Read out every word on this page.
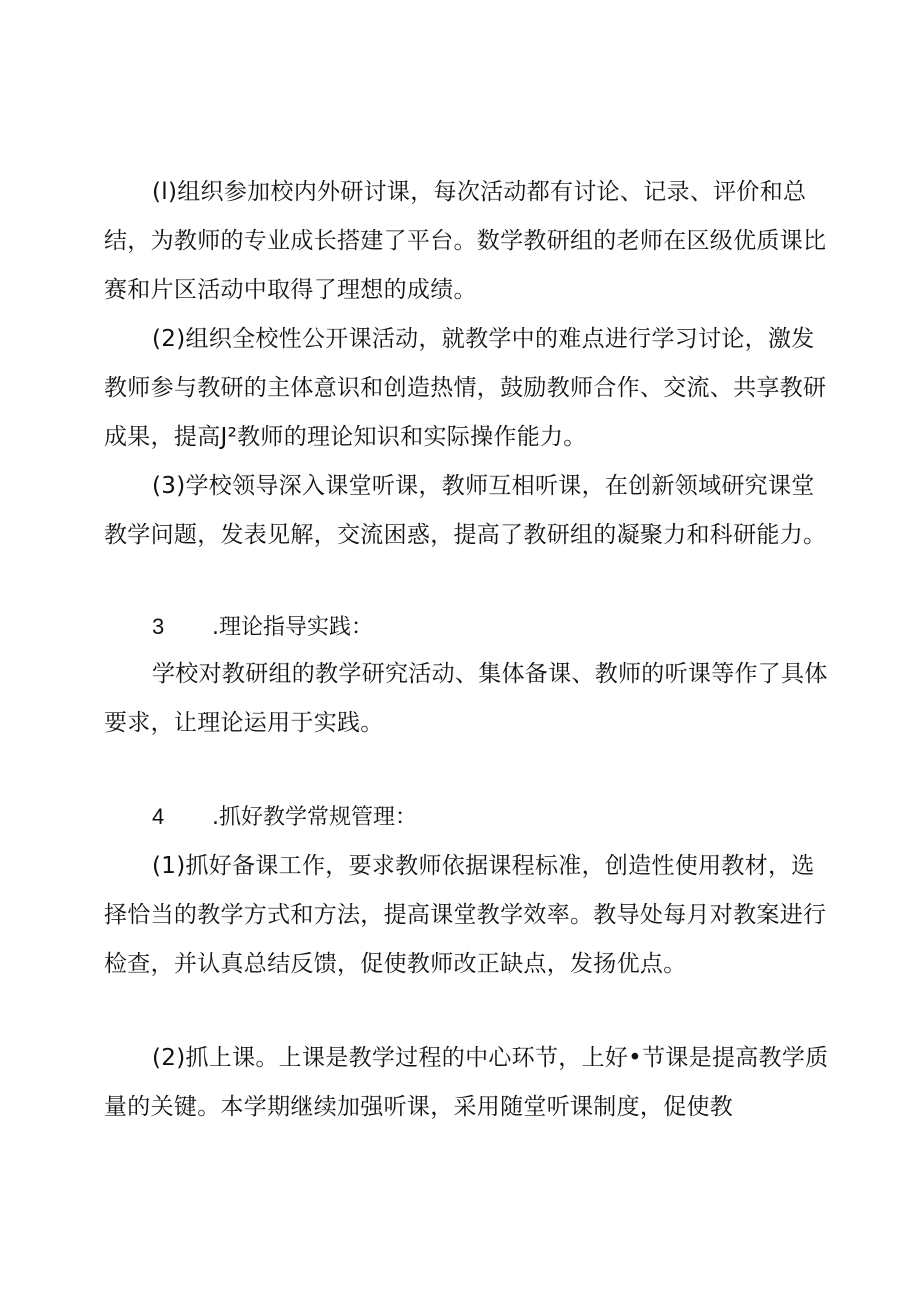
(l)组织参加校内外研讨课，每次活动都有讨论、记录、评价和总结，为教师的专业成长搭建了平台。数学教研组的老师在区级优质课比赛和片区活动中取得了理想的成绩。

(2)组织全校性公开课活动，就教学中的难点进行学习讨论，激发教师参与教研的主体意识和创造热情，鼓励教师合作、交流、共享教研成果，提高J²教师的理论知识和实际操作能力。

(3)学校领导深入课堂听课，教师互相听课，在创新领域研究课堂教学问题，发表见解，交流困惑，提高了教研组的凝聚力和科研能力。

3 .理论指导实践：

学校对教研组的教学研究活动、集体备课、教师的听课等作了具体要求，让理论运用于实践。

4 .抓好教学常规管理：

(1)抓好备课工作，要求教师依据课程标准，创造性使用教材，选择恰当的教学方式和方法，提高课堂教学效率。教导处每月对教案进行检查，并认真总结反馈，促使教师改正缺点，发扬优点。

(2)抓上课。上课是教学过程的中心环节，上好•节课是提高教学质量的关键。本学期继续加强听课，采用随堂听课制度，促使教
